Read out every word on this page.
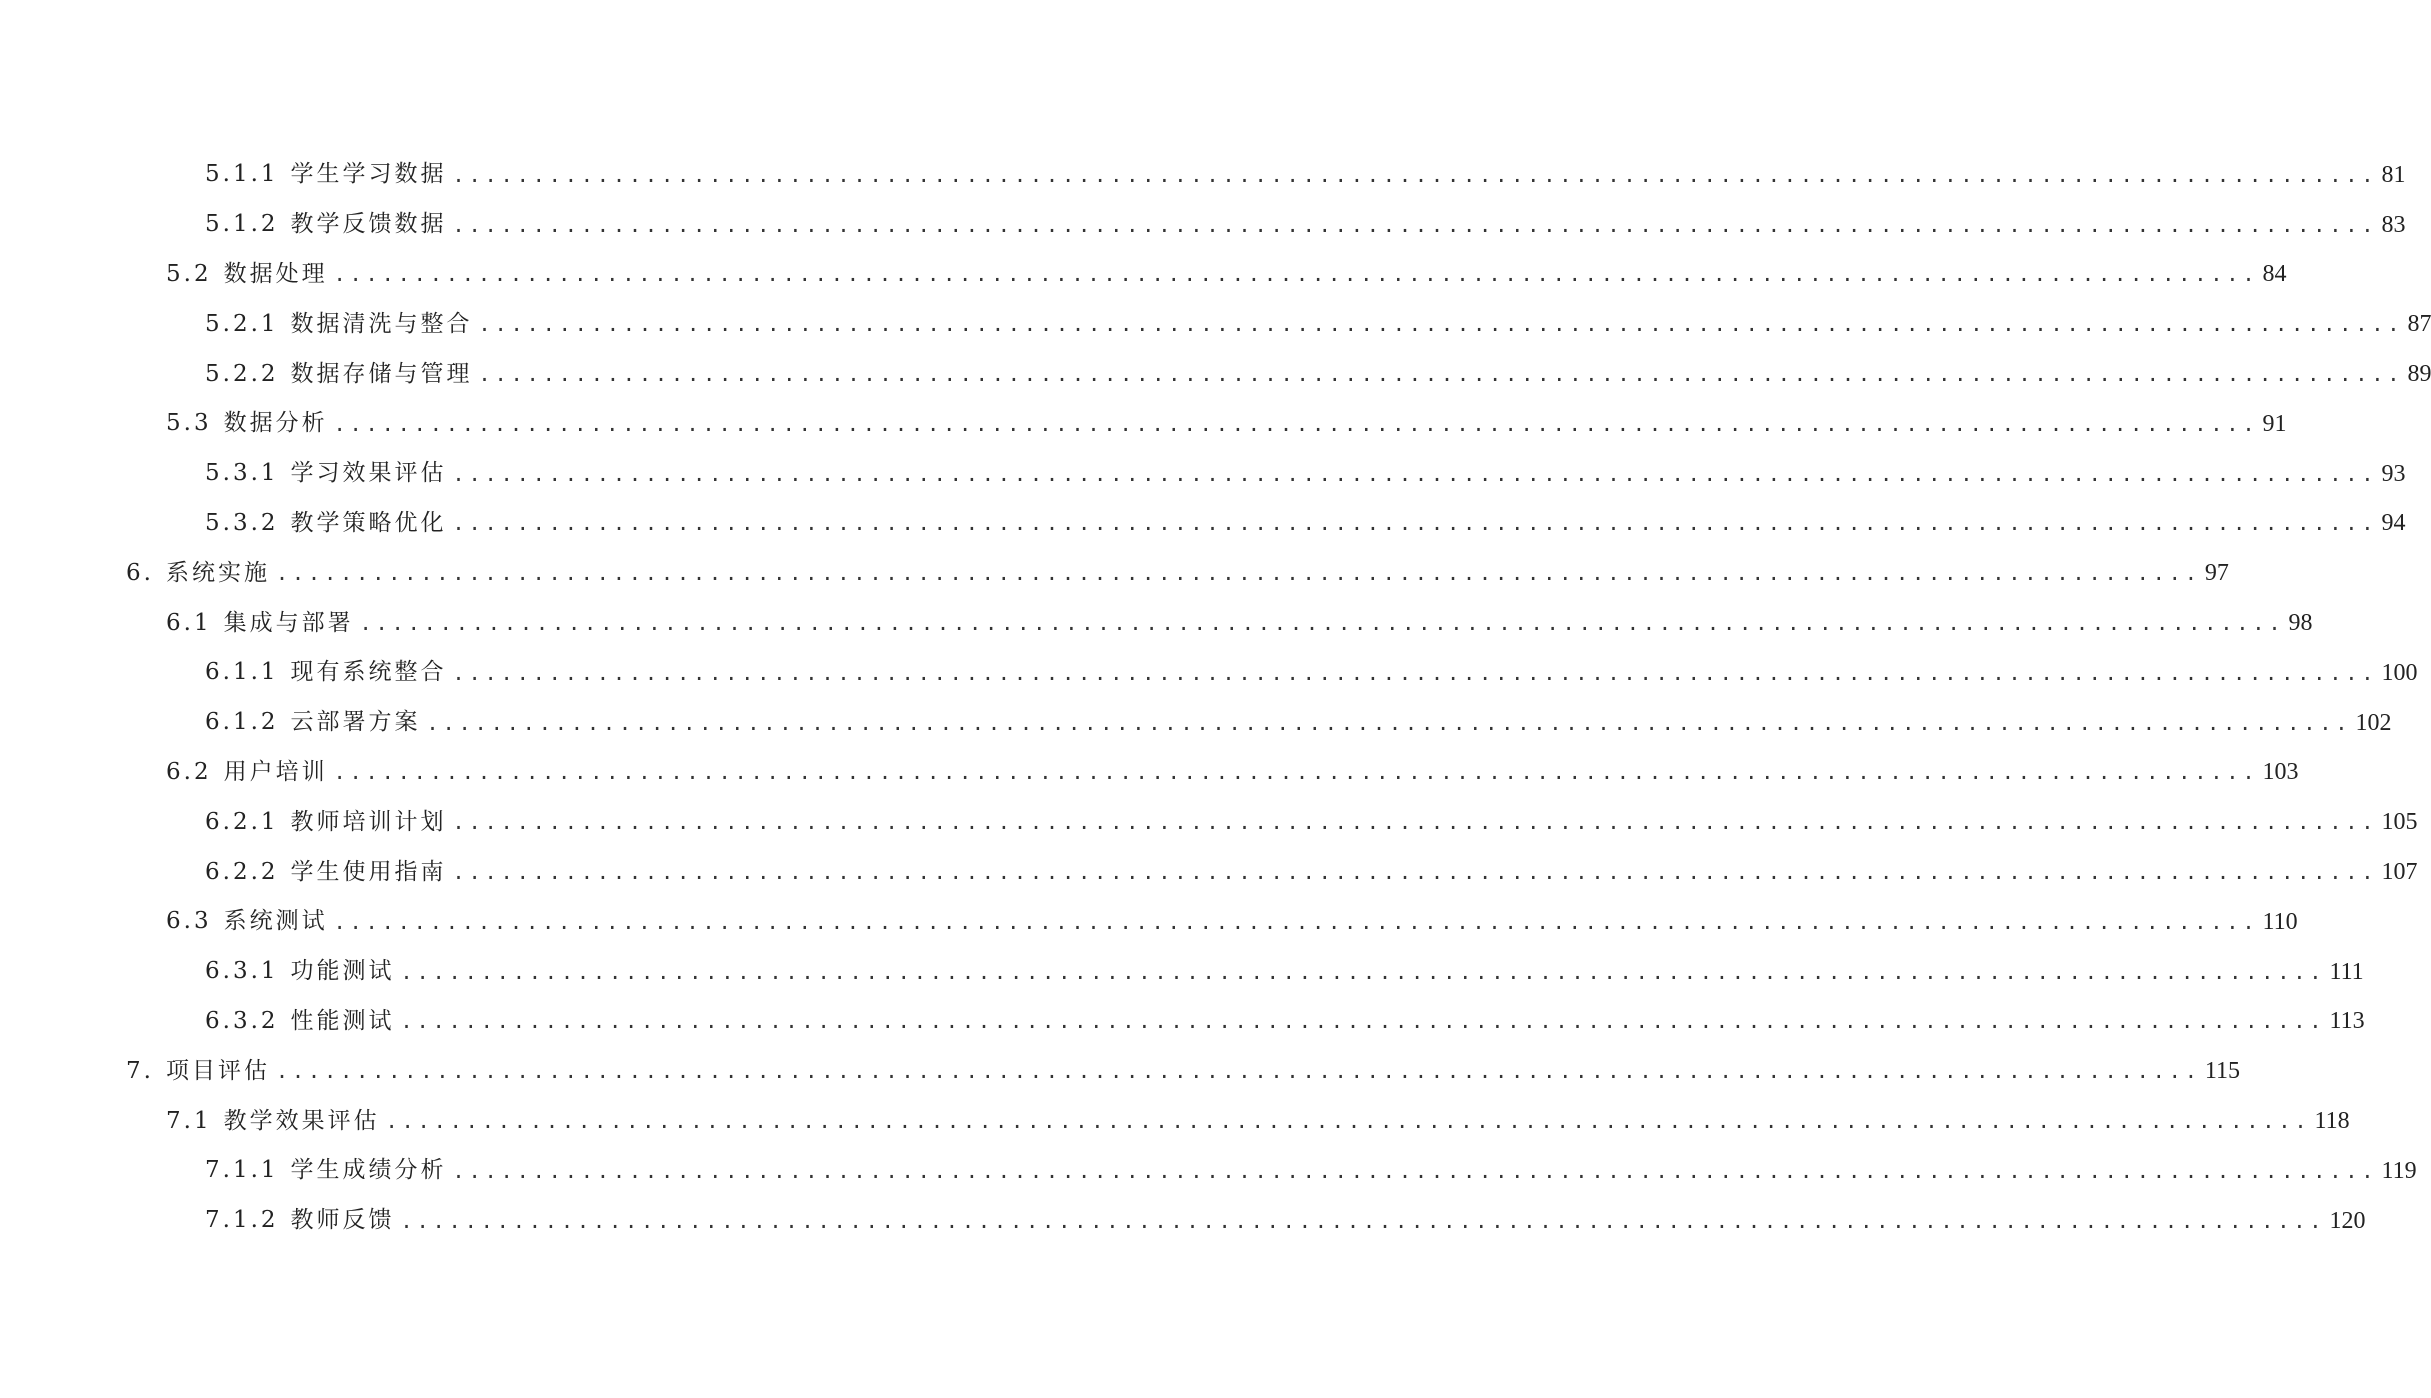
5.1.1 学生学习数据 ........................................................................................................................ 81
5.1.2 教学反馈数据 ........................................................................................................................ 83
5.2 数据处理 ........................................................................................................................ 84
5.2.1 数据清洗与整合 ........................................................................................................................ 87
5.2.2 数据存储与管理 ........................................................................................................................ 89
5.3 数据分析 ........................................................................................................................ 91
5.3.1 学习效果评估 ........................................................................................................................ 93
5.3.2 教学策略优化 ........................................................................................................................ 94
6. 系统实施 ........................................................................................................................ 97
6.1 集成与部署 ........................................................................................................................ 98
6.1.1 现有系统整合 ........................................................................................................................ 100
6.1.2 云部署方案 ........................................................................................................................ 102
6.2 用户培训 ........................................................................................................................ 103
6.2.1 教师培训计划 ........................................................................................................................ 105
6.2.2 学生使用指南 ........................................................................................................................ 107
6.3 系统测试 ........................................................................................................................ 110
6.3.1 功能测试 ........................................................................................................................ 111
6.3.2 性能测试 ........................................................................................................................ 113
7. 项目评估 ........................................................................................................................ 115
7.1 教学效果评估 ........................................................................................................................ 118
7.1.1 学生成绩分析 ........................................................................................................................ 119
7.1.2 教师反馈 ........................................................................................................................ 120
